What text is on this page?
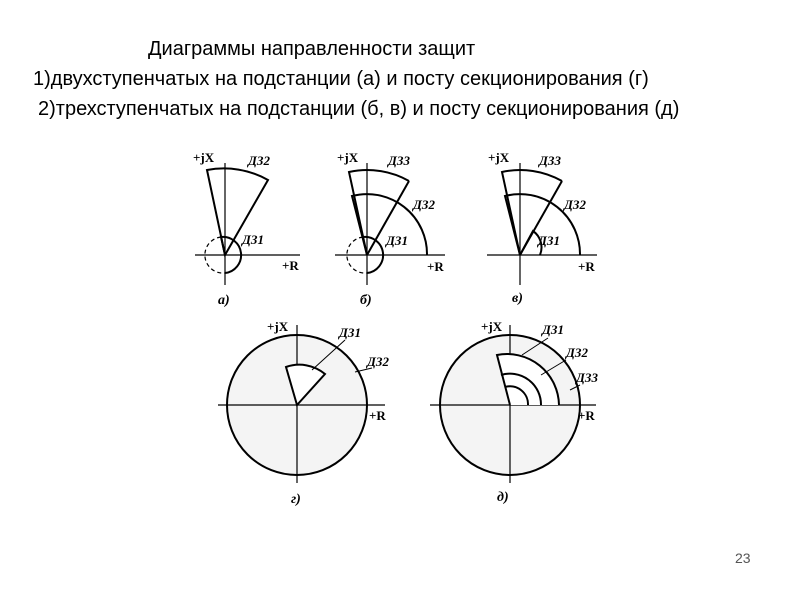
Диаграммы направленности защит
1)двухступенчатых на подстанции (а) и посту секционирования (г)
2)трехступенчатых на подстанции (б, в) и посту секционирования (д)
+jX
+R
+jX
+R
+jX
+R
+jX
+R
+jX
+R
ДЗ2
ДЗ1
ДЗ3
ДЗ2
ДЗ1
ДЗ3
ДЗ2
ДЗ1
ДЗ1
ДЗ2
ДЗ1
ДЗ2
ДЗ3
а)	б)	в)
г)	д)
23
